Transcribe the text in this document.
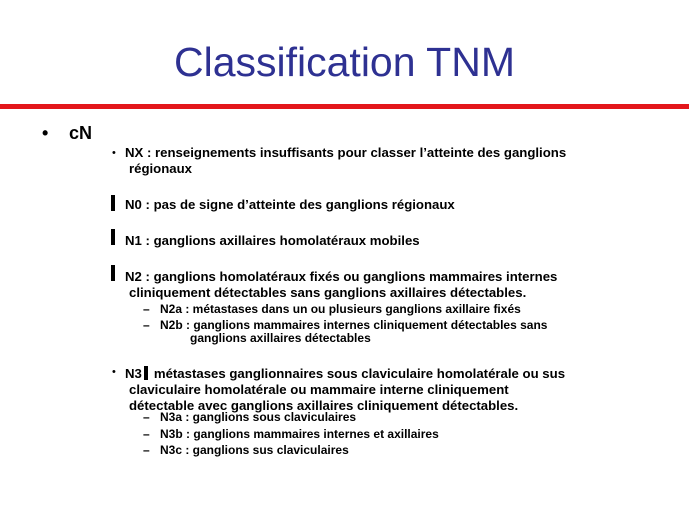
Classification TNM
• cN
• NX : renseignements insuffisants pour classer l’atteinte des ganglions
régionaux
N0 : pas de signe d’atteinte des ganglions régionaux
N1 : ganglions axillaires homolatéraux mobiles
N2 : ganglions homolatéraux fixés ou ganglions mammaires internes
cliniquement détectables sans ganglions axillaires détectables.
– N2a : métastases dans un ou plusieurs ganglions axillaire fixés
– N2b : ganglions mammaires internes cliniquement détectables sans
ganglions axillaires détectables
• N3 métastases ganglionnaires sous claviculaire homolatérale ou sus
claviculaire homolatérale ou mammaire interne cliniquement
détectable avec ganglions axillaires cliniquement détectables.
– N3a : ganglions sous claviculaires
– N3b : ganglions mammaires internes et axillaires
– N3c : ganglions sus claviculaires
